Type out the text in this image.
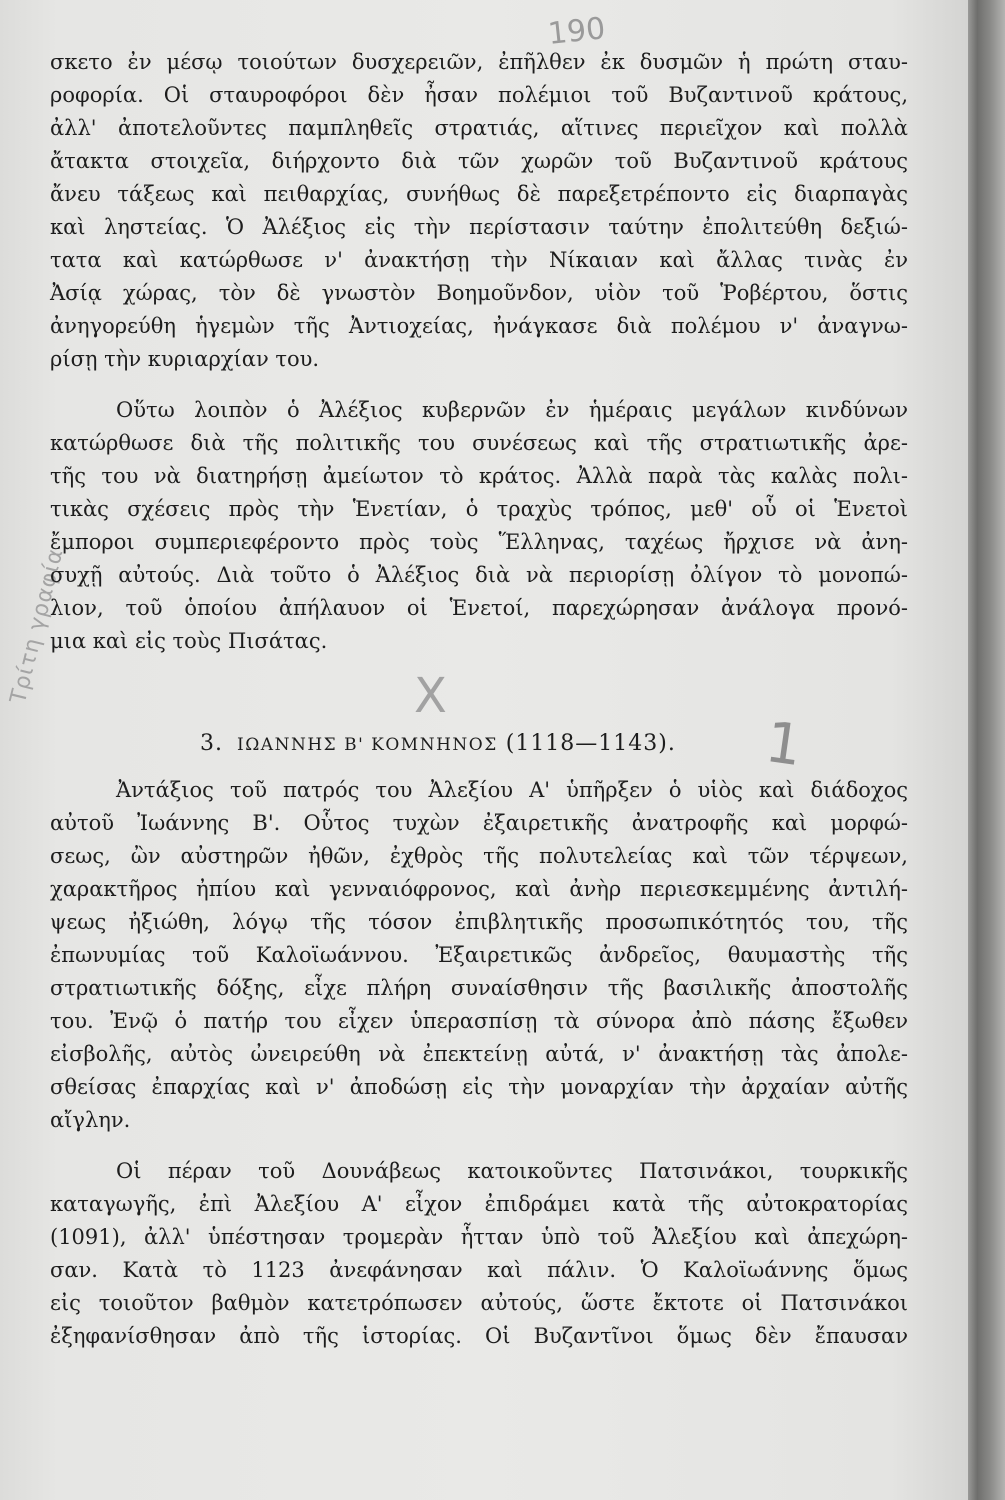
190
Τρίτη γραφία
1
X
σκετο ἐν μέσῳ τοιούτων δυσχερειῶν, ἐπῆλθεν ἐκ δυσμῶν ἡ πρώτη σταυ-
ροφορία. Οἱ σταυροφόροι δὲν ἦσαν πολέμιοι τοῦ Βυζαντινοῦ κράτους,
ἀλλ' ἀποτελοῦντες παμπληθεῖς στρατιάς, αἵτινες περιεῖχον καὶ πολλὰ
ἄτακτα στοιχεῖα, διήρχοντο διὰ τῶν χωρῶν τοῦ Βυζαντινοῦ κράτους
ἄνευ τάξεως καὶ πειθαρχίας, συνήθως δὲ παρεξετρέποντο εἰς διαρπαγὰς
καὶ ληστείας. Ὁ Ἀλέξιος εἰς τὴν περίστασιν ταύτην ἐπολιτεύθη δεξιώ-
τατα καὶ κατώρθωσε ν' ἀνακτήσῃ τὴν Νίκαιαν καὶ ἄλλας τινὰς ἐν
Ἀσίᾳ χώρας, τὸν δὲ γνωστὸν Βοημοῦνδον, υἱὸν τοῦ Ῥοβέρτου, ὅστις
ἀνηγορεύθη ἡγεμὼν τῆς Ἀντιοχείας, ἠνάγκασε διὰ πολέμου ν' ἀναγνω-
ρίσῃ τὴν κυριαρχίαν του.
Οὕτω λοιπὸν ὁ Ἀλέξιος κυβερνῶν ἐν ἡμέραις μεγάλων κινδύνων
κατώρθωσε διὰ τῆς πολιτικῆς του συνέσεως καὶ τῆς στρατιωτικῆς ἀρε-
τῆς του νὰ διατηρήσῃ ἀμείωτον τὸ κράτος. Ἀλλὰ παρὰ τὰς καλὰς πολι-
τικὰς σχέσεις πρὸς τὴν Ἑνετίαν, ὁ τραχὺς τρόπος, μεθ' οὗ οἱ Ἑνετοὶ
ἔμποροι συμπεριεφέροντο πρὸς τοὺς Ἕλληνας, ταχέως ἤρχισε νὰ ἀνη-
συχῇ αὐτούς. Διὰ τοῦτο ὁ Ἀλέξιος διὰ νὰ περιορίσῃ ὀλίγον τὸ μονοπώ-
λιον, τοῦ ὁποίου ἀπήλαυον οἱ Ἑνετοί, παρεχώρησαν ἀνάλογα προνό-
μια καὶ εἰς τοὺς Πισάτας.
3. ΙΩΑΝΝΗΣ Β' ΚΟΜΝΗΝΟΣ (1118—1143).
Ἀντάξιος τοῦ πατρός του Ἀλεξίου Α' ὑπῆρξεν ὁ υἱὸς καὶ διάδοχος
αὐτοῦ Ἰωάννης Β'. Οὗτος τυχὼν ἐξαιρετικῆς ἀνατροφῆς καὶ μορφώ-
σεως, ὢν αὐστηρῶν ἠθῶν, ἐχθρὸς τῆς πολυτελείας καὶ τῶν τέρψεων,
χαρακτῆρος ἠπίου καὶ γενναιόφρονος, καὶ ἀνὴρ περιεσκεμμένης ἀντιλή-
ψεως ἠξιώθη, λόγῳ τῆς τόσον ἐπιβλητικῆς προσωπικότητός του, τῆς
ἐπωνυμίας τοῦ Καλοϊωάννου. Ἐξαιρετικῶς ἀνδρεῖος, θαυμαστὴς τῆς
στρατιωτικῆς δόξης, εἶχε πλήρη συναίσθησιν τῆς βασιλικῆς ἀποστολῆς
του. Ἐνῷ ὁ πατήρ του εἶχεν ὑπερασπίσῃ τὰ σύνορα ἀπὸ πάσης ἔξωθεν
εἰσβολῆς, αὐτὸς ὠνειρεύθη νὰ ἐπεκτείνῃ αὐτά, ν' ἀνακτήσῃ τὰς ἀπολε-
σθείσας ἐπαρχίας καὶ ν' ἀποδώσῃ εἰς τὴν μοναρχίαν τὴν ἀρχαίαν αὐτῆς
αἴγλην.
Οἱ πέραν τοῦ Δουνάβεως κατοικοῦντες Πατσινάκοι, τουρκικῆς
καταγωγῆς, ἐπὶ Ἀλεξίου Α' εἶχον ἐπιδράμει κατὰ τῆς αὐτοκρατορίας
(1091), ἀλλ' ὑπέστησαν τρομερὰν ἧτταν ὑπὸ τοῦ Ἀλεξίου καὶ ἀπεχώρη-
σαν. Κατὰ τὸ 1123 ἀνεφάνησαν καὶ πάλιν. Ὁ Καλοϊωάννης ὅμως
εἰς τοιοῦτον βαθμὸν κατετρόπωσεν αὐτούς, ὥστε ἔκτοτε οἱ Πατσινάκοι
ἐξηφανίσθησαν ἀπὸ τῆς ἱστορίας. Οἱ Βυζαντῖνοι ὅμως δὲν ἔπαυσαν
